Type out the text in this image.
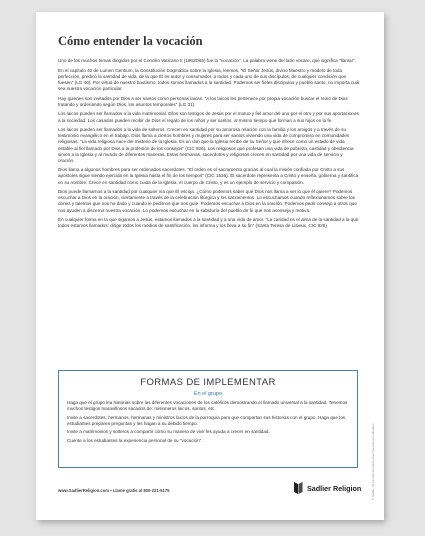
Cómo entender la vocación

Uno de los muchos temas dirigidos por el Concilio Vaticano II (1962D65) fue la "vocación". La palabra viene del latín vocare, que significa "llamar".

En el capítulo 40 de Lumen Gentium, la Constitución Dogmática sobre la Iglesia, leemos, "El Señor Jesús, divino Maestro y modelo de toda perfección, predicó la santidad de vida, de la que Él es autor y consumador, a todos y cada uno de sus discípulos, de cualquier condición que fuesen" (LG 40). Por virtud de nuestro bautismo, todos somos llamados a la santidad. Podemos ser fieles discípulos y pueblo santo, no importa cuál sea nuestra vocación particular.

Hay quienes son invitados por Dios a ser santos como personas laicas. "A los laicos les pertenece por propia vocación buscar el reino de Dios tratando y ordenando según Dios, los asuntos temporales" (LG 31).

Los laicos pueden ser llamados a la vida matrimonial. Ellos son testigos de Jesús por el mutuo y fiel amor del uno por el otro y por sus aportaciones a la sociedad. Los casados pueden recibir de Dios el regalo de los niños y ser santos, al mismo tiempo que forman a sus hijos en la fe.

Los laicos pueden ser llamados a la vida de solteros. Crecen en santidad por su amorosa relación con la familia y los amigos y a través de su testimonio evangélico en el trabajo. Dios llama a ciertos hombres y mujeres para ser santos viviendo una vida de compromiso en comunidades religiosas. "La vida religiosa nace del misterio de la Iglesia. Es un don que la Iglesia recibe de su Señor y que ofrece como un estado de vida estable al fiel llamado por Dios a la profesión de los consejos" (CIC 926). Los religiosos que profesan una vida de pobreza, castidad y obediencia sirven a la Iglesia y al mundo de diferentes maneras. Estas hermanas, sacerdotes y religiosos crecen en santidad por una vida de servicio y oración.

Dios llama a algunos hombres para ser ordenados sacerdotes. "El orden es el sacramento gracias al cual la misión confiada por Cristo a sus apóstoles sigue siendo ejercida en la Iglesia hasta el fin de los tiempos" (CIC 1536). El sacerdote representa a Cristo y enseña, gobierna y santifica en su nombre. Crece en santidad como cuida de la Iglesia, el cuerpo de Cristo, y es un ejemplo de servicio y compasión.

Dios puede llamarnos a la santidad por cualquier vía que Él escoja. ¿Cómo podemos saber qué Dios nos llama a ser lo que él quiere? Podemos escuchar a Dios en la oración, ciertamente a través de la celebración litúrgica y los sacramentos. Lo escuchamos cuando reflexionamos sobre los dones y talentos que nos ha dado y cuando le pedimos que nos guíe. Podemos escuchar a Dios en la oración. Podemos pedir consejo a otros que nos ayuden a discernir nuestra vocación. Lo podemos escuchar en la sabiduría del pueblo de fe que nos aconseja y motiva.

En cualquier forma en la que sigamos a Jesús, estamos llamados a la santidad y a una vida de amor. "La caridad es el alma de la santidad a la que todos estamos llamados: dirige todos los medios de santificación, los informa y los lleva a su fin" (Santa Teresa de Lisieux, CIC 826).

FORMAS DE IMPLEMENTAR
En el grupo

Haga que el grupo lea historias sobre las diferentes vocaciones de los católicos demostrando el llamado universal a la santidad. Tenemos muchos testigos maravillosos sacados de: misioneros laicos, santos, etc.

Invite a sacerdotes, hermanos, hermanas y ministros laicos de la parroquia para que compartan sus historias con el grupo. Haga que los estudiantes preparen preguntas y les hagan a su debido tiempo.

Invite a matrimonios y solteros a compartir cómo su manera de vivir les ayuda a crecer en santidad.

Cuente a los estudiantes la experiencia personal de su "vocación".	© Sadlier. Se permite reproducir esta hoja para uso educativo.
www.SadlierReligion.com • Llame gratis al 800-221-5175	Sadlier Religion
